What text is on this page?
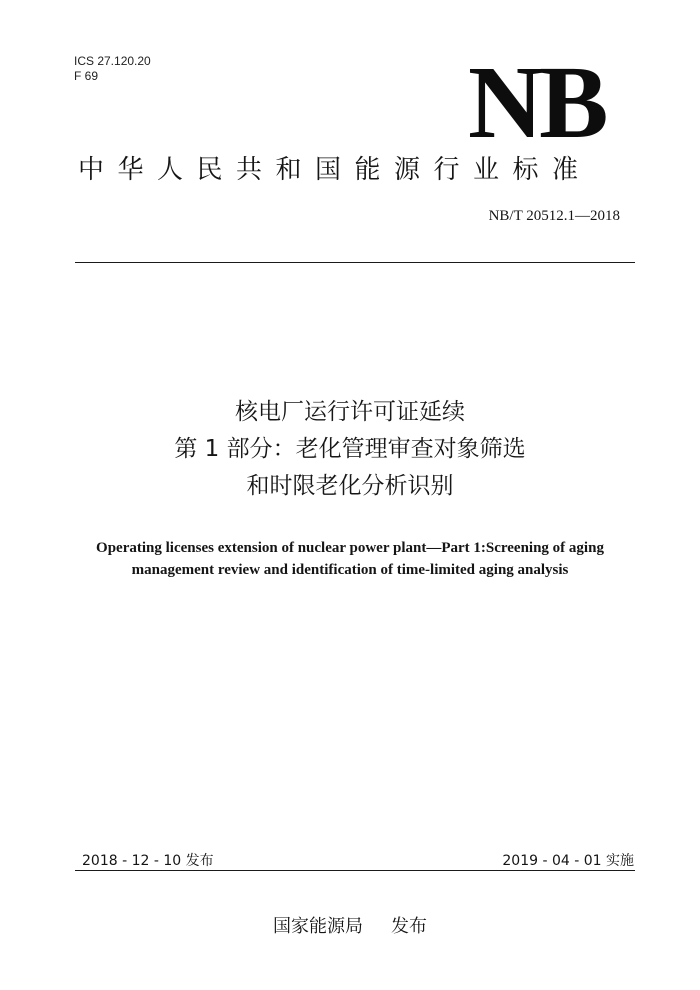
ICS 27.120.20
F 69	NB
中华人民共和国能源行业标准
NB/T 20512.1—2018
核电厂运行许可证延续
第 1 部分：老化管理审查对象筛选
和时限老化分析识别
Operating licenses extension of nuclear power plant—Part 1:Screening of aging
management review and identification of time-limited aging analysis
2018 - 12 - 10 发布	2019 - 04 - 01 实施
国家能源局 发布
